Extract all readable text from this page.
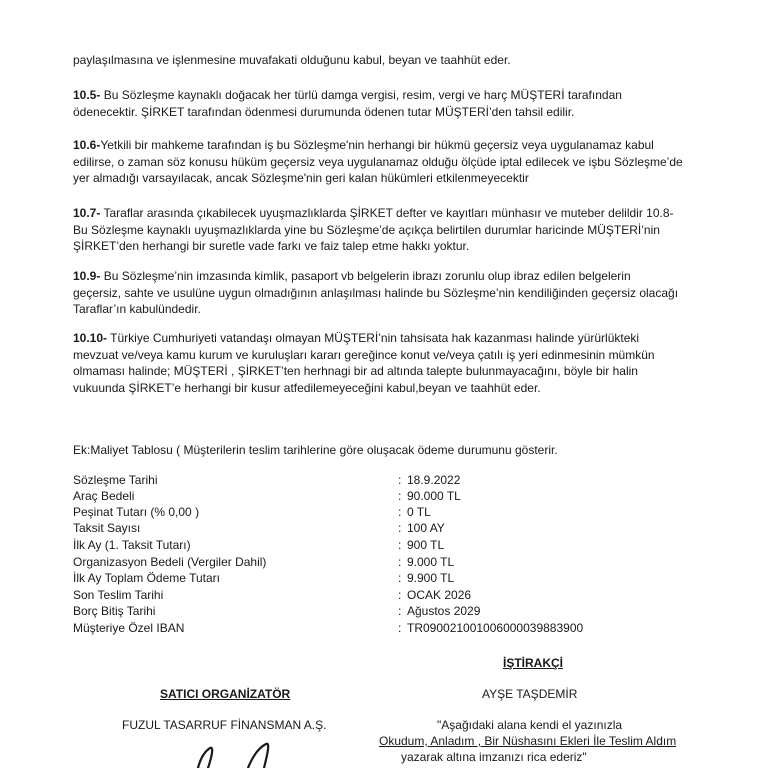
paylaşılmasına ve işlenmesine muvafakati olduğunu kabul, beyan ve taahhüt eder.
10.5- Bu Sözleşme kaynaklı doğacak her türlü damga vergisi, resim, vergi ve harç MÜŞTERİ tarafından
ödenecektir. ŞİRKET tarafından ödenmesi durumunda ödenen tutar MÜŞTERİ’den tahsil edilir.
10.6-Yetkili bir mahkeme tarafından iş bu Sözleşme'nin herhangi bir hükmü geçersiz veya uygulanamaz kabul
edilirse, o zaman söz konusu hüküm geçersiz veya uygulanamaz olduğu ölçüde iptal edilecek ve işbu Sözleşme’de
yer almadığı varsayılacak, ancak Sözleşme'nin geri kalan hükümleri etkilenmeyecektir
10.7- Taraflar arasında çıkabilecek uyuşmazlıklarda ŞİRKET defter ve kayıtları münhasır ve muteber delildir 10.8-
Bu Sözleşme kaynaklı uyuşmazlıklarda yine bu Sözleşme’de açıkça belirtilen durumlar haricinde MÜŞTERİ’nin
ŞİRKET’den herhangi bir suretle vade farkı ve faiz talep etme hakkı yoktur.
10.9- Bu Sözleşme’nin imzasında kimlik, pasaport vb belgelerin ibrazı zorunlu olup ibraz edilen belgelerin
geçersiz, sahte ve usulüne uygun olmadığının anlaşılması halinde bu Sözleşme’nin kendiliğinden geçersiz olacağı
Taraflar’ın kabulündedir.
10.10- Türkiye Cumhuriyeti vatandaşı olmayan MÜŞTERİ’nin tahsisata hak kazanması halinde yürürlükteki
mevzuat ve/veya kamu kurum ve kuruluşları kararı gereğince konut ve/veya çatılı iş yeri edinmesinin mümkün
olmaması halinde; MÜŞTERİ , ŞİRKET’ten herhnagi bir ad altında talepte bulunmayacağını, böyle bir halin
vukuunda ŞİRKET’e herhangi bir kusur atfedilemeyeceğini kabul,beyan ve taahhüt eder.
Ek:Maliyet Tablosu ( Müşterilerin teslim tarihlerine göre oluşacak ödeme durumunu gösterir.
Sözleşme Tarihi	: 18.9.2022
Araç Bedeli	: 90.000 TL
Peşinat Tutarı (% 0,00 )	: 0 TL
Taksit Sayısı	: 100 AY
İlk Ay (1. Taksit Tutarı)	: 900 TL
Organizasyon Bedeli (Vergiler Dahil)	: 9.000 TL
İlk Ay Toplam Ödeme Tutarı	: 9.900 TL
Son Teslim Tarihi	: OCAK 2026
Borç Bitiş Tarihi	: Ağustos 2029
Müşteriye Özel IBAN	: TR090021001006000039883900
İŞTİRAKÇİ
AYŞE TAŞDEMİR
SATICI ORGANİZATÖR
FUZUL TASARRUF FİNANSMAN A.Ş.	"Aşağıdaki alana kendi el yazınızla
Okudum, Anladım , Bir Nüshasını Ekleri İle Teslim Aldım
yazarak altına imzanızı rica ederiz"
